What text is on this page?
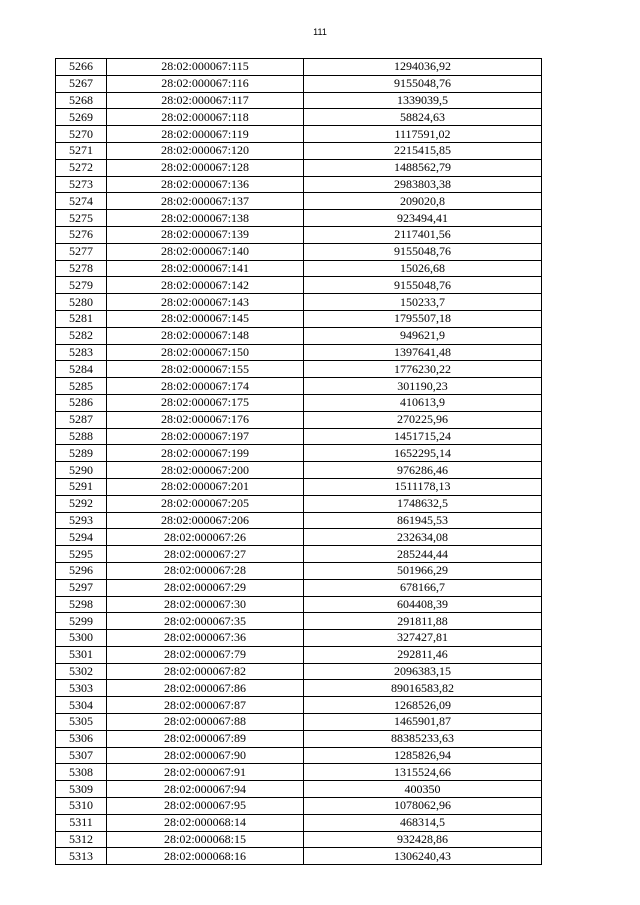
111
5266	28:02:000067:115	1294036,92
5267	28:02:000067:116	9155048,76
5268	28:02:000067:117	1339039,5
5269	28:02:000067:118	58824,63
5270	28:02:000067:119	1117591,02
5271	28:02:000067:120	2215415,85
5272	28:02:000067:128	1488562,79
5273	28:02:000067:136	2983803,38
5274	28:02:000067:137	209020,8
5275	28:02:000067:138	923494,41
5276	28:02:000067:139	2117401,56
5277	28:02:000067:140	9155048,76
5278	28:02:000067:141	15026,68
5279	28:02:000067:142	9155048,76
5280	28:02:000067:143	150233,7
5281	28:02:000067:145	1795507,18
5282	28:02:000067:148	949621,9
5283	28:02:000067:150	1397641,48
5284	28:02:000067:155	1776230,22
5285	28:02:000067:174	301190,23
5286	28:02:000067:175	410613,9
5287	28:02:000067:176	270225,96
5288	28:02:000067:197	1451715,24
5289	28:02:000067:199	1652295,14
5290	28:02:000067:200	976286,46
5291	28:02:000067:201	1511178,13
5292	28:02:000067:205	1748632,5
5293	28:02:000067:206	861945,53
5294	28:02:000067:26	232634,08
5295	28:02:000067:27	285244,44
5296	28:02:000067:28	501966,29
5297	28:02:000067:29	678166,7
5298	28:02:000067:30	604408,39
5299	28:02:000067:35	291811,88
5300	28:02:000067:36	327427,81
5301	28:02:000067:79	292811,46
5302	28:02:000067:82	2096383,15
5303	28:02:000067:86	89016583,82
5304	28:02:000067:87	1268526,09
5305	28:02:000067:88	1465901,87
5306	28:02:000067:89	88385233,63
5307	28:02:000067:90	1285826,94
5308	28:02:000067:91	1315524,66
5309	28:02:000067:94	400350
5310	28:02:000067:95	1078062,96
5311	28:02:000068:14	468314,5
5312	28:02:000068:15	932428,86
5313	28:02:000068:16	1306240,43
